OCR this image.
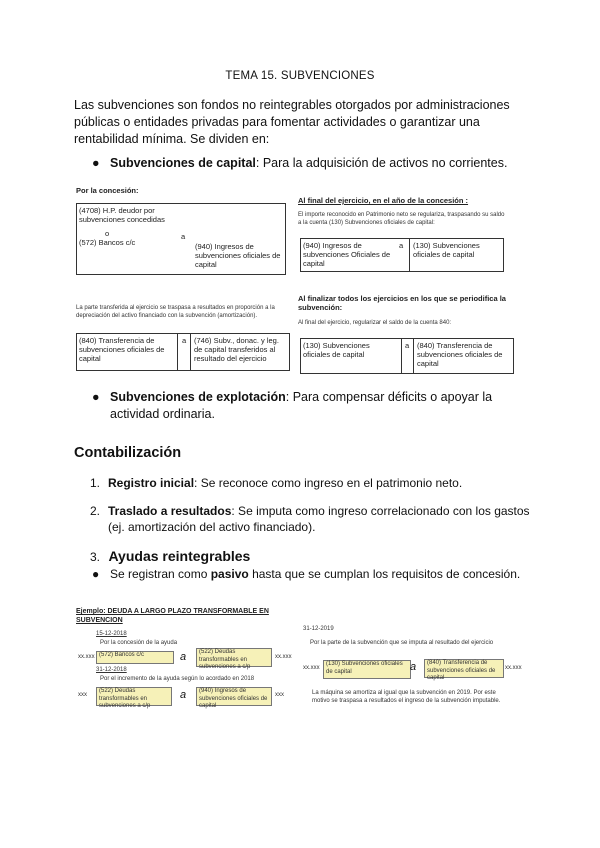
TEMA 15. SUBVENCIONES
Las subvenciones son fondos no reintegrables otorgados por administraciones públicas o entidades privadas para fomentar actividades o garantizar una rentabilidad mínima. Se dividen en:
● Subvenciones de capital: Para la adquisición de activos no corrientes.
Por la concesión:
(4708) H.P. deudor por subvenciones concedidas
o
(572) Bancos c/c
a
(940) Ingresos de subvenciones oficiales de capital
Al final del ejercicio, en el año de la concesión :
El importe reconocido en Patrimonio neto se regulariza, traspasando su saldo a la cuenta (130) Subvenciones oficiales de capital:
(940) Ingresos de subvenciones Oficiales de capital
a (130) Subvenciones oficiales de capital
La parte transferida al ejercicio se traspasa a resultados en proporción a la depreciación del activo financiado con la subvención (amortización).
(840) Transferencia de subvenciones oficiales de capital
a (746) Subv., donac. y leg. de capital transferidos al resultado del ejercicio
Al finalizar todos los ejercicios en los que se periodifica la subvención:
Al final del ejercicio, regularizar el saldo de la cuenta 840:
(130) Subvenciones oficiales de capital
a (840) Transferencia de subvenciones oficiales de capital
● Subvenciones de explotación: Para compensar déficits o apoyar la actividad ordinaria.
Contabilización
1. Registro inicial: Se reconoce como ingreso en el patrimonio neto.
2. Traslado a resultados: Se imputa como ingreso correlacionado con los gastos (ej. amortización del activo financiado).
3. Ayudas reintegrables
● Se registran como pasivo hasta que se cumplan los requisitos de concesión.
Ejemplo: DEUDA A LARGO PLAZO TRANSFORMABLE EN SUBVENCION
15-12-2018
Por la concesión de la ayuda
xx.xxx (572) Bancos c/c	a	(522) Deudas transformables en subvenciones a c/p
xx.xxx
31-12-2018
Por el incremento de la ayuda según lo acordado en 2018
xxx
(522) Deudas transformables en subvenciones a c/p
a	(940) Ingresos de subvenciones oficiales de capital
xxx
31-12-2019
Por la parte de la subvención que se imputa al resultado del ejercicio
xx.xxx
(130) Subvenciones oficiales de capital	a	(840) Transferencia de subvenciones oficiales de capital
xx.xxx
La máquina se amortiza al igual que la subvención en 2019. Por este motivo se traspasa a resultados el ingreso de la subvención imputable.
